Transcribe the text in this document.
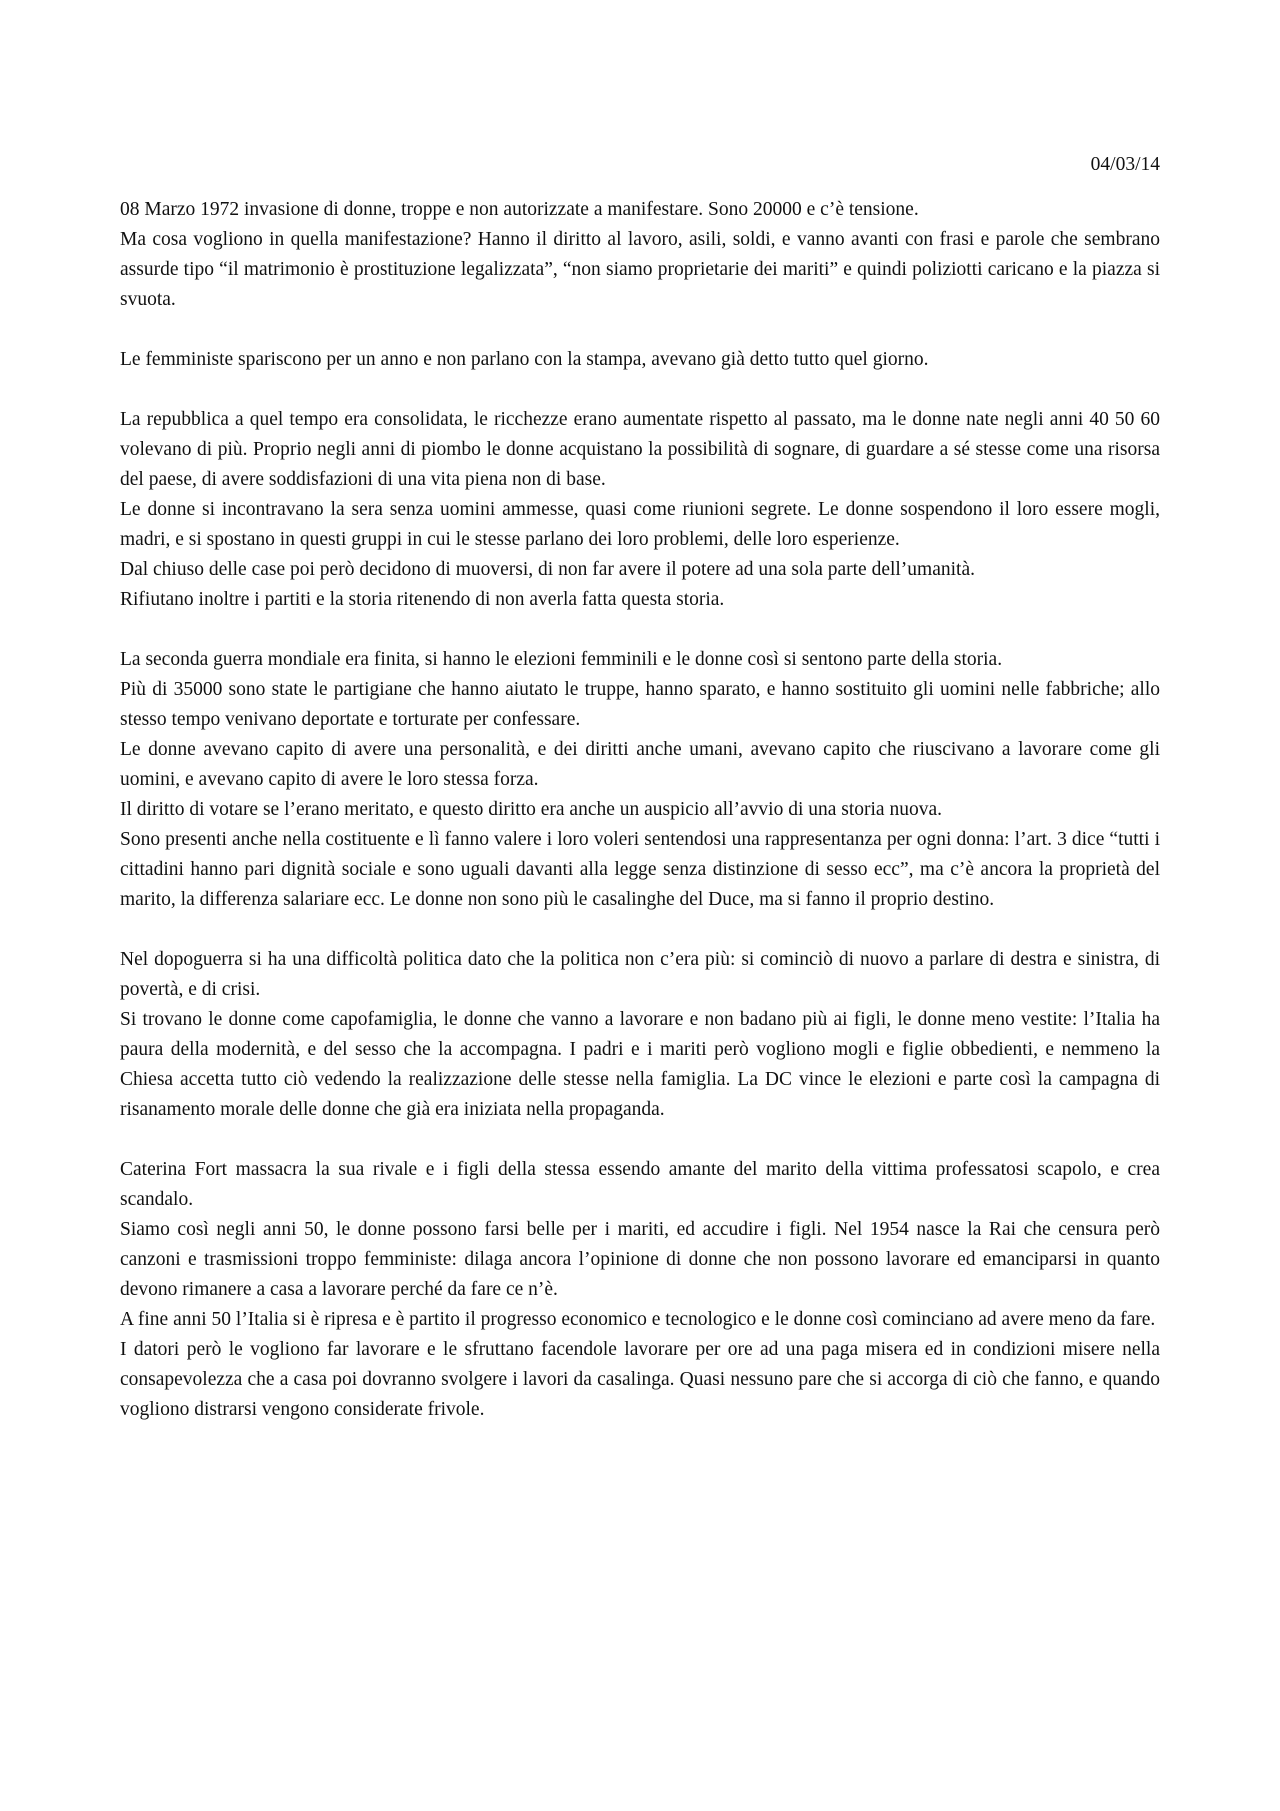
04/03/14

08 Marzo 1972 invasione di donne, troppe e non autorizzate a manifestare. Sono 20000 e c’è tensione.

Ma cosa vogliono in quella manifestazione? Hanno il diritto al lavoro, asili, soldi, e vanno avanti con frasi e parole che sembrano assurde tipo “il matrimonio è prostituzione legalizzata”, “non siamo proprietarie dei mariti” e quindi poliziotti caricano e la piazza si svuota.

Le femministe spariscono per un anno e non parlano con la stampa, avevano già detto tutto quel giorno.

La repubblica a quel tempo era consolidata, le ricchezze erano aumentate rispetto al passato, ma le donne nate negli anni 40 50 60 volevano di più. Proprio negli anni di piombo le donne acquistano la possibilità di sognare, di guardare a sé stesse come una risorsa del paese, di avere soddisfazioni di una vita piena non di base.

Le donne si incontravano la sera senza uomini ammesse, quasi come riunioni segrete. Le donne sospendono il loro essere mogli, madri, e si spostano in questi gruppi in cui le stesse parlano dei loro problemi, delle loro esperienze.

Dal chiuso delle case poi però decidono di muoversi, di non far avere il potere ad una sola parte dell’umanità.

Rifiutano inoltre i partiti e la storia ritenendo di non averla fatta questa storia.

La seconda guerra mondiale era finita, si hanno le elezioni femminili e le donne così si sentono parte della storia.

Più di 35000 sono state le partigiane che hanno aiutato le truppe, hanno sparato, e hanno sostituito gli uomini nelle fabbriche; allo stesso tempo venivano deportate e torturate per confessare.

Le donne avevano capito di avere una personalità, e dei diritti anche umani, avevano capito che riuscivano a lavorare come gli uomini, e avevano capito di avere le loro stessa forza.

Il diritto di votare se l’erano meritato, e questo diritto era anche un auspicio all’avvio di una storia nuova.

Sono presenti anche nella costituente e lì fanno valere i loro voleri sentendosi una rappresentanza per ogni donna: l’art. 3 dice “tutti i cittadini hanno pari dignità sociale e sono uguali davanti alla legge senza distinzione di sesso ecc”, ma c’è ancora la proprietà del marito, la differenza salariare ecc. Le donne non sono più le casalinghe del Duce, ma si fanno il proprio destino.

Nel dopoguerra si ha una difficoltà politica dato che la politica non c’era più: si cominciò di nuovo a parlare di destra e sinistra, di povertà, e di crisi.

Si trovano le donne come capofamiglia, le donne che vanno a lavorare e non badano più ai figli, le donne meno vestite: l’Italia ha paura della modernità, e del sesso che la accompagna. I padri e i mariti però vogliono mogli e figlie obbedienti, e nemmeno la Chiesa accetta tutto ciò vedendo la realizzazione delle stesse nella famiglia. La DC vince le elezioni e parte così la campagna di risanamento morale delle donne che già era iniziata nella propaganda.

Caterina Fort massacra la sua rivale e i figli della stessa essendo amante del marito della vittima professatosi scapolo, e crea scandalo.

Siamo così negli anni 50, le donne possono farsi belle per i mariti, ed accudire i figli. Nel 1954 nasce la Rai che censura però canzoni e trasmissioni troppo femministe: dilaga ancora l’opinione di donne che non possono lavorare ed emanciparsi in quanto devono rimanere a casa a lavorare perché da fare ce n’è.

A fine anni 50 l’Italia si è ripresa e è partito il progresso economico e tecnologico e le donne così cominciano ad avere meno da fare.

I datori però le vogliono far lavorare e le sfruttano facendole lavorare per ore ad una paga misera ed in condizioni misere nella consapevolezza che a casa poi dovranno svolgere i lavori da casalinga. Quasi nessuno pare che si accorga di ciò che fanno, e quando vogliono distrarsi vengono considerate frivole.
